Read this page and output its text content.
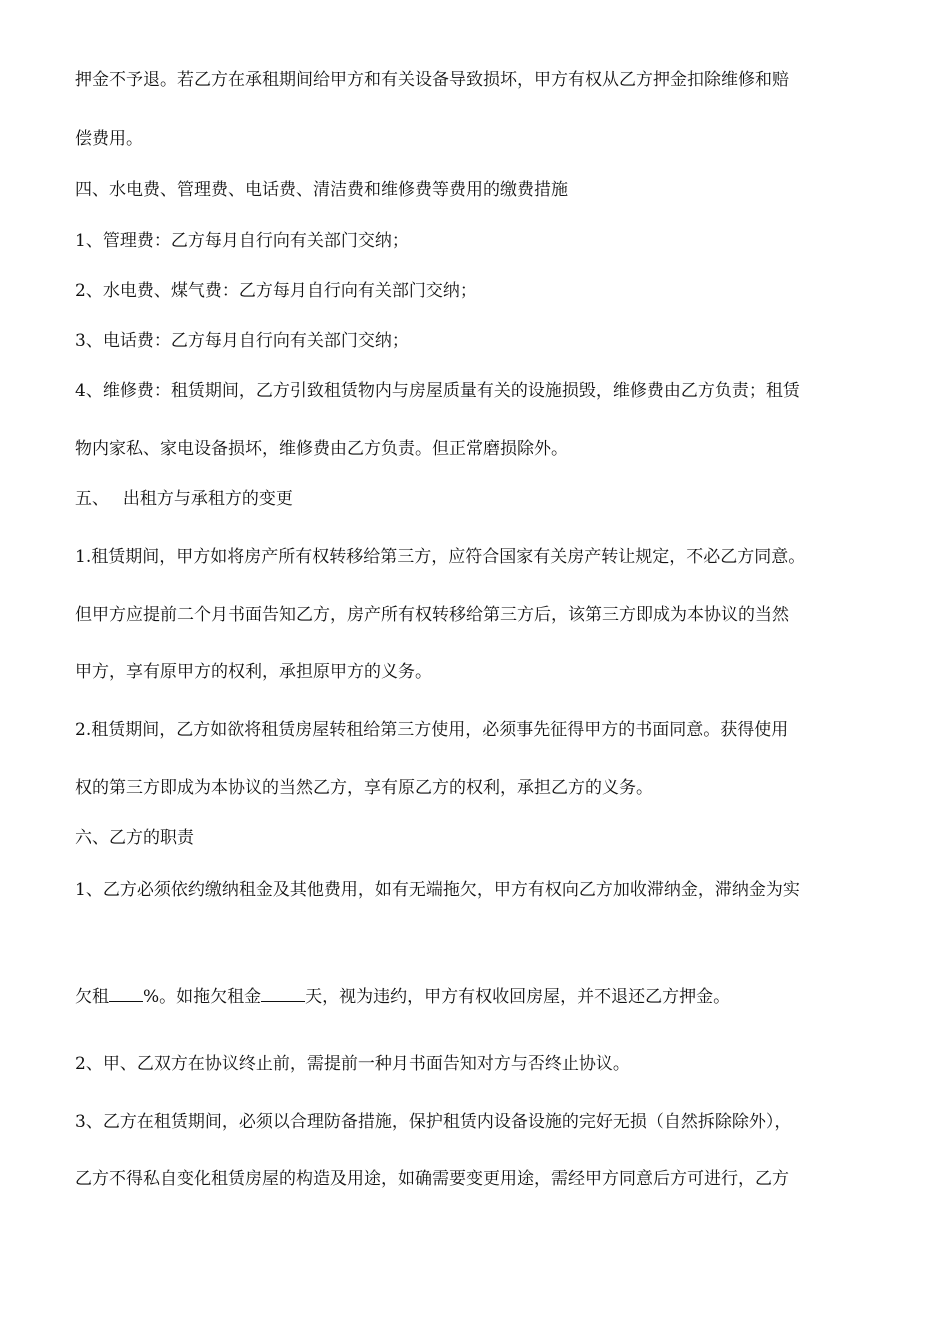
押金不予退。若乙方在承租期间给甲方和有关设备导致损坏，甲方有权从乙方押金扣除维修和赔
偿费用。
四、水电费、管理费、电话费、清洁费和维修费等费用的缴费措施
1、管理费：乙方每月自行向有关部门交纳；
2、水电费、煤气费：乙方每月自行向有关部门交纳；
3、电话费：乙方每月自行向有关部门交纳；
4、维修费：租赁期间，乙方引致租赁物内与房屋质量有关的设施损毁，维修费由乙方负责；租赁
物内家私、家电设备损坏，维修费由乙方负责。但正常磨损除外。
五、　 出租方与承租方的变更
1.租赁期间，甲方如将房产所有权转移给第三方，应符合国家有关房产转让规定，不必乙方同意。
但甲方应提前二个月书面告知乙方，房产所有权转移给第三方后，该第三方即成为本协议的当然
甲方，享有原甲方的权利，承担原甲方的义务。
2.租赁期间，乙方如欲将租赁房屋转租给第三方使用，必须事先征得甲方的书面同意。获得使用
权的第三方即成为本协议的当然乙方，享有原乙方的权利，承担乙方的义务。
六、乙方的职责
1、乙方必须依约缴纳租金及其他费用，如有无端拖欠，甲方有权向乙方加收滞纳金，滞纳金为实
欠租 %。如拖欠租金	天，视为违约，甲方有权收回房屋，并不退还乙方押金。
2、甲、乙双方在协议终止前，需提前一种月书面告知对方与否终止协议。
3、乙方在租赁期间，必须以合理防备措施，保护租赁内设备设施的完好无损（自然拆除除外），
乙方不得私自变化租赁房屋的构造及用途，如确需要变更用途，需经甲方同意后方可进行，乙方
